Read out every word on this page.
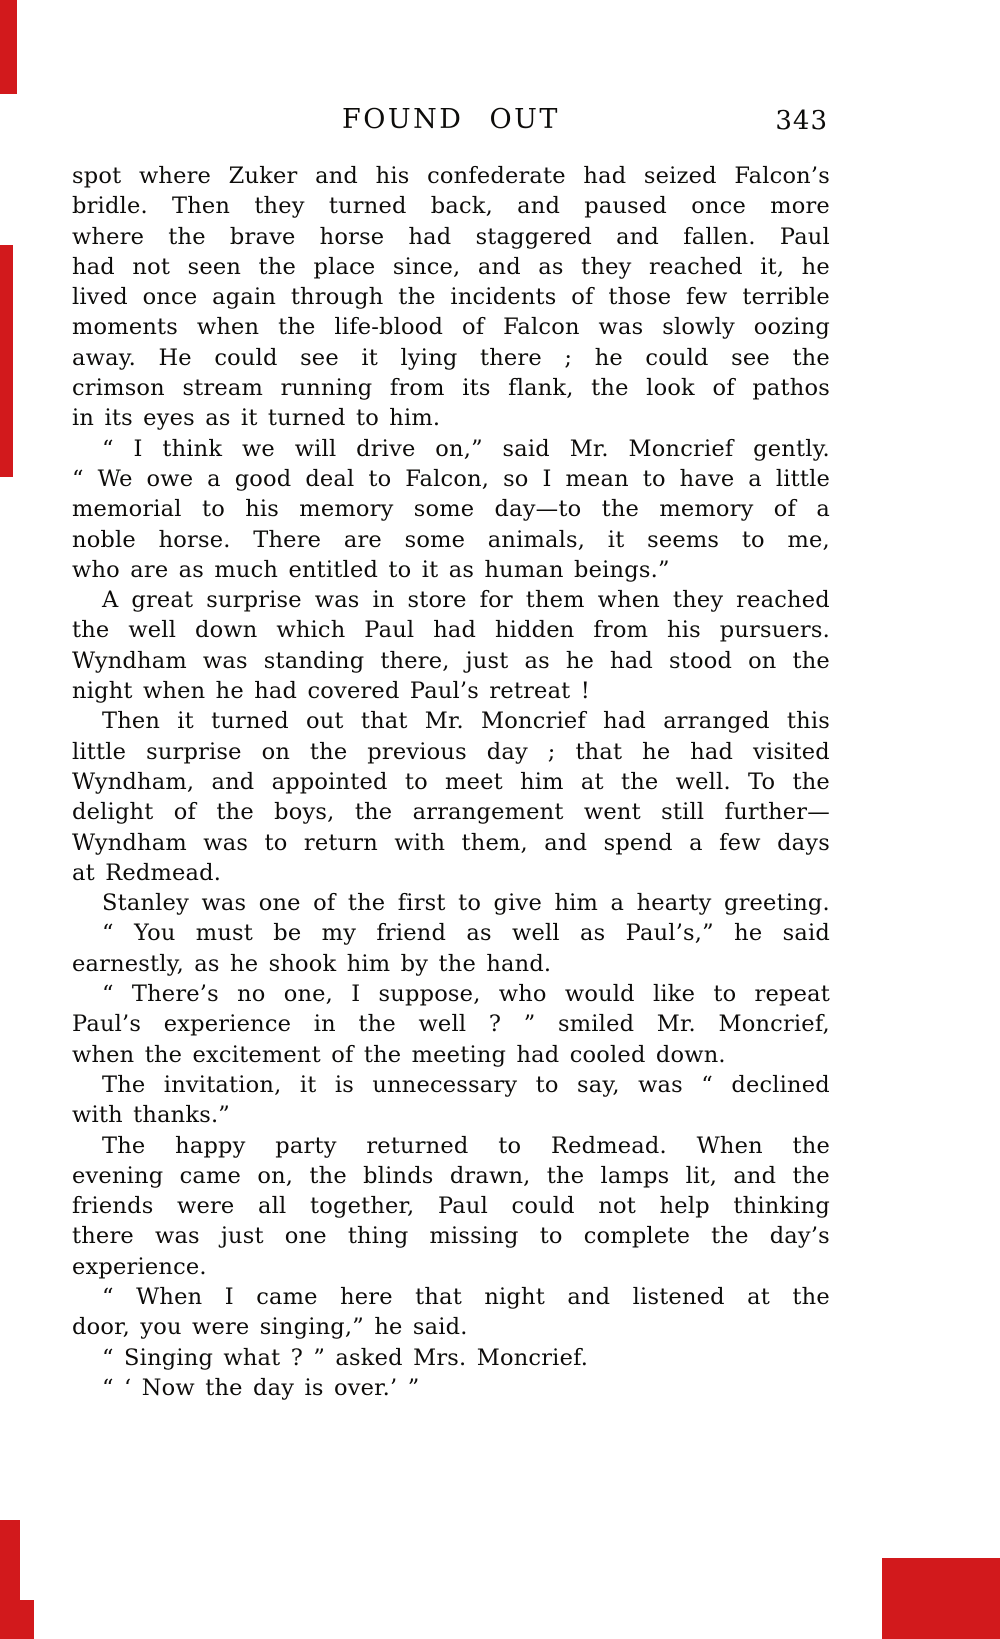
FOUND OUT	343
spot where Zuker and his confederate had seized Falcon’s
bridle. Then they turned back, and paused once more
where the brave horse had staggered and fallen. Paul
had not seen the place since, and as they reached it, he
lived once again through the incidents of those few terrible
moments when the life-blood of Falcon was slowly oozing
away. He could see it lying there ; he could see the
crimson stream running from its flank, the look of pathos
in its eyes as it turned to him.
“ I think we will drive on,” said Mr. Moncrief gently.
“ We owe a good deal to Falcon, so I mean to have a little
memorial to his memory some day—to the memory of a
noble horse. There are some animals, it seems to me,
who are as much entitled to it as human beings.”
A great surprise was in store for them when they reached
the well down which Paul had hidden from his pursuers.
Wyndham was standing there, just as he had stood on the
night when he had covered Paul’s retreat !
Then it turned out that Mr. Moncrief had arranged this
little surprise on the previous day ; that he had visited
Wyndham, and appointed to meet him at the well. To the
delight of the boys, the arrangement went still further—
Wyndham was to return with them, and spend a few days
at Redmead.
Stanley was one of the first to give him a hearty greeting.
“ You must be my friend as well as Paul’s,” he said
earnestly, as he shook him by the hand.
“ There’s no one, I suppose, who would like to repeat
Paul’s experience in the well ? ” smiled Mr. Moncrief,
when the excitement of the meeting had cooled down.
The invitation, it is unnecessary to say, was “ declined
with thanks.”
The happy party returned to Redmead. When the
evening came on, the blinds drawn, the lamps lit, and the
friends were all together, Paul could not help thinking
there was just one thing missing to complete the day’s
experience.
“ When I came here that night and listened at the
door, you were singing,” he said.
“ Singing what ? ” asked Mrs. Moncrief.
“ ‘ Now the day is over.’ ”
